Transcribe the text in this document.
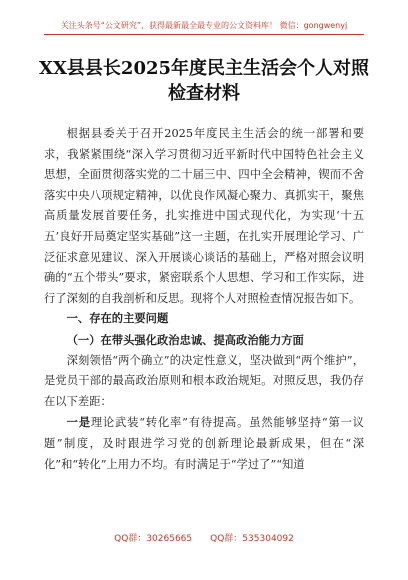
关注头条号“公文研究”，获得最新最全最专业的公文资料库！ 微信：gongwenyj
XX县县长2025年度民主生活会个人对照检查材料

根据县委关于召开2025年度民主生活会的统一部署和要求，我紧紧围绕“深入学习贯彻习近平新时代中国特色社会主义思想，全面贯彻落实党的二十届三中、四中全会精神，锲而不舍落实中央八项规定精神，以优良作风凝心聚力、真抓实干，聚焦高质量发展首要任务，扎实推进中国式现代化，为实现‘十五五’良好开局奠定坚实基础”这一主题，在扎实开展理论学习、广泛征求意见建议、深入开展谈心谈话的基础上，严格对照会议明确的“五个带头”要求，紧密联系个人思想、学习和工作实际，进行了深刻的自我剖析和反思。现将个人对照检查情况报告如下。

一、存在的主要问题

（一）在带头强化政治忠诚、提高政治能力方面

深刻领悟“两个确立”的决定性意义，坚决做到“两个维护”，是党员干部的最高政治原则和根本政治规矩。对照反思，我仍存在以下差距：

一是理论武装“转化率”有待提高。虽然能够坚持“第一议题”制度，及时跟进学习党的创新理论最新成果，但在“深化”和“转化”上用力不均。有时满足于“学过了”“知道

QQ群：30265665 QQ群：535304092
